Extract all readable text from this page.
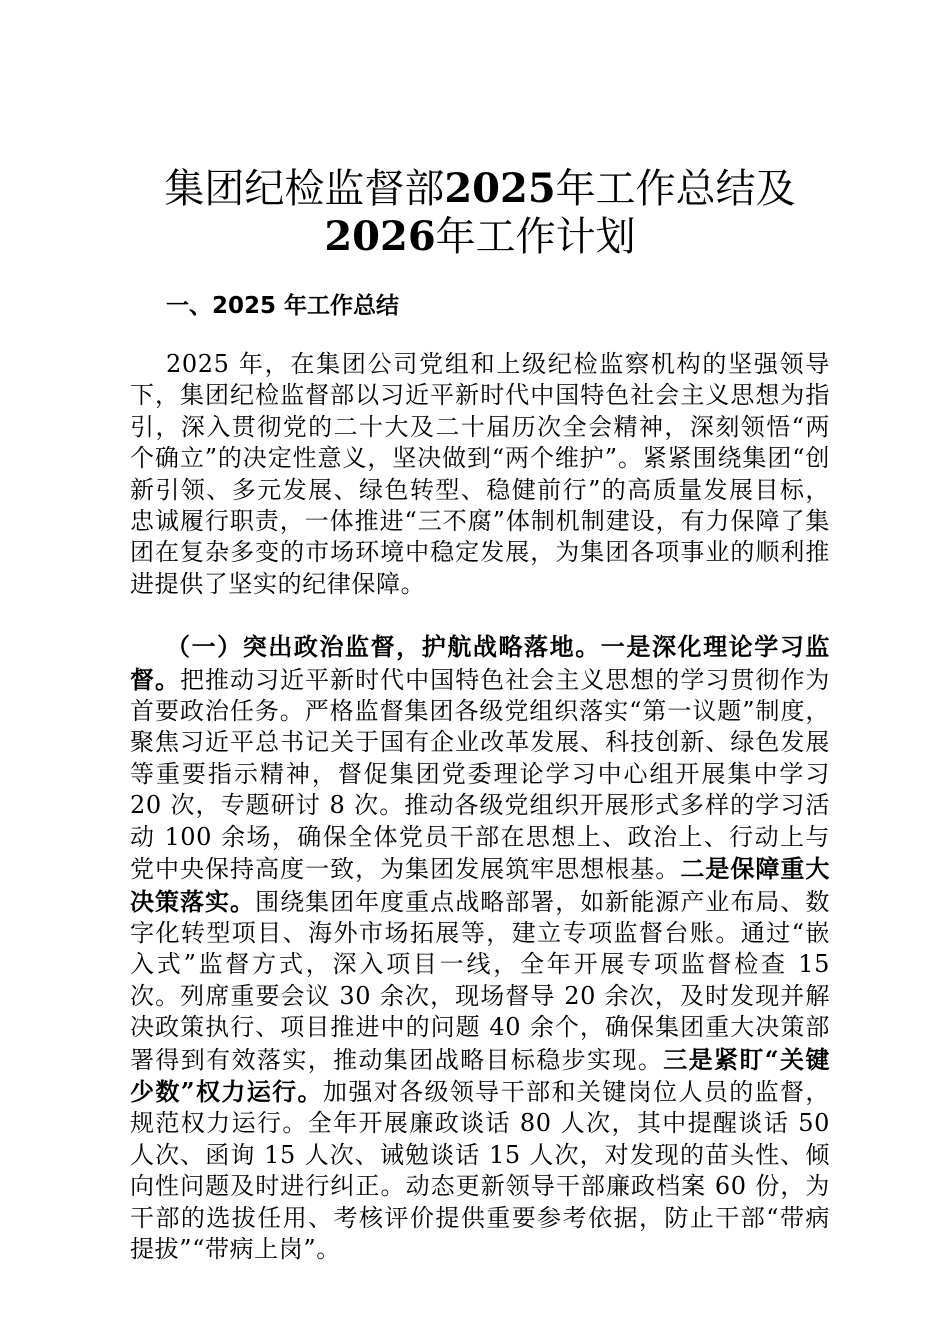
集团纪检监督部2025年工作总结及2026年工作计划
一、2025 年工作总结

2025 年，在集团公司党组和上级纪检监察机构的坚强领导下，集团纪检监督部以习近平新时代中国特色社会主义思想为指引，深入贯彻党的二十大及二十届历次全会精神，深刻领悟“两个确立”的决定性意义，坚决做到“两个维护”。紧紧围绕集团“创新引领、多元发展、绿色转型、稳健前行”的高质量发展目标，忠诚履行职责，一体推进“三不腐”体制机制建设，有力保障了集团在复杂多变的市场环境中稳定发展，为集团各项事业的顺利推进提供了坚实的纪律保障。

（一）突出政治监督，护航战略落地。一是深化理论学习监督。把推动习近平新时代中国特色社会主义思想的学习贯彻作为首要政治任务。严格监督集团各级党组织落实“第一议题”制度，聚焦习近平总书记关于国有企业改革发展、科技创新、绿色发展等重要指示精神，督促集团党委理论学习中心组开展集中学习 20 次，专题研讨 8 次。推动各级党组织开展形式多样的学习活动 100 余场，确保全体党员干部在思想上、政治上、行动上与党中央保持高度一致，为集团发展筑牢思想根基。二是保障重大决策落实。围绕集团年度重点战略部署，如新能源产业布局、数字化转型项目、海外市场拓展等，建立专项监督台账。通过“嵌入式”监督方式，深入项目一线，全年开展专项监督检查 15 次。列席重要会议 30 余次，现场督导 20 余次，及时发现并解决政策执行、项目推进中的问题 40 余个，确保集团重大决策部署得到有效落实，推动集团战略目标稳步实现。三是紧盯“关键少数”权力运行。加强对各级领导干部和关键岗位人员的监督，规范权力运行。全年开展廉政谈话 80 人次，其中提醒谈话 50 人次、函询 15 人次、诫勉谈话 15 人次，对发现的苗头性、倾向性问题及时进行纠正。动态更新领导干部廉政档案 60 份，为干部的选拔任用、考核评价提供重要参考依据，防止干部“带病提拔”“带病上岗”。
